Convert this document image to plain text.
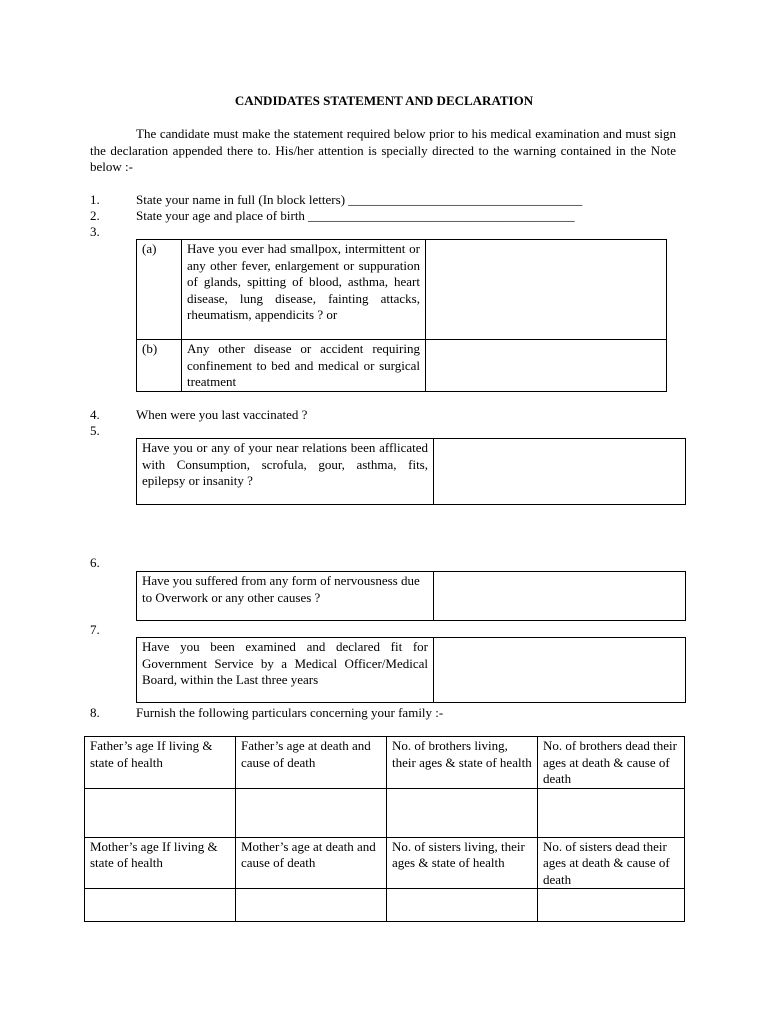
CANDIDATES STATEMENT AND DECLARATION
The candidate must make the statement required below prior to his medical examination and must sign the declaration appended there to. His/her attention is specially directed to the warning contained in the Note below :-
1.	State your name in full (In block letters) ____________________________________
2.	State your age and place of birth _________________________________________
3.
(a)	Have you ever had smallpox, intermittent or any other fever, enlargement or suppuration of glands, spitting of blood, asthma, heart disease, lung disease, fainting attacks, rheumatism, appendicits ? or	
(b)	Any other disease or accident requiring confinement to bed and medical or surgical treatment	
4.	When were you last vaccinated ?
5.
Have you or any of your near relations been afflicated with Consumption, scrofula, gour, asthma, fits, epilepsy or insanity ?	
6.
Have you suffered from any form of nervousness due to Overwork or any other causes ?	
7.
Have you been examined and declared fit for Government Service by a Medical Officer/Medical Board, within the Last three years	
8.	Furnish the following particulars concerning your family :-
Father’s age If living & state of health	Father’s age at death and cause of death	No. of brothers living, their ages & state of health	No. of brothers dead their ages at death & cause of death

Mother’s age If living & state of health	Mother’s age at death and cause of death	No. of sisters living, their ages & state of health	No. of sisters dead their ages at death & cause of death
